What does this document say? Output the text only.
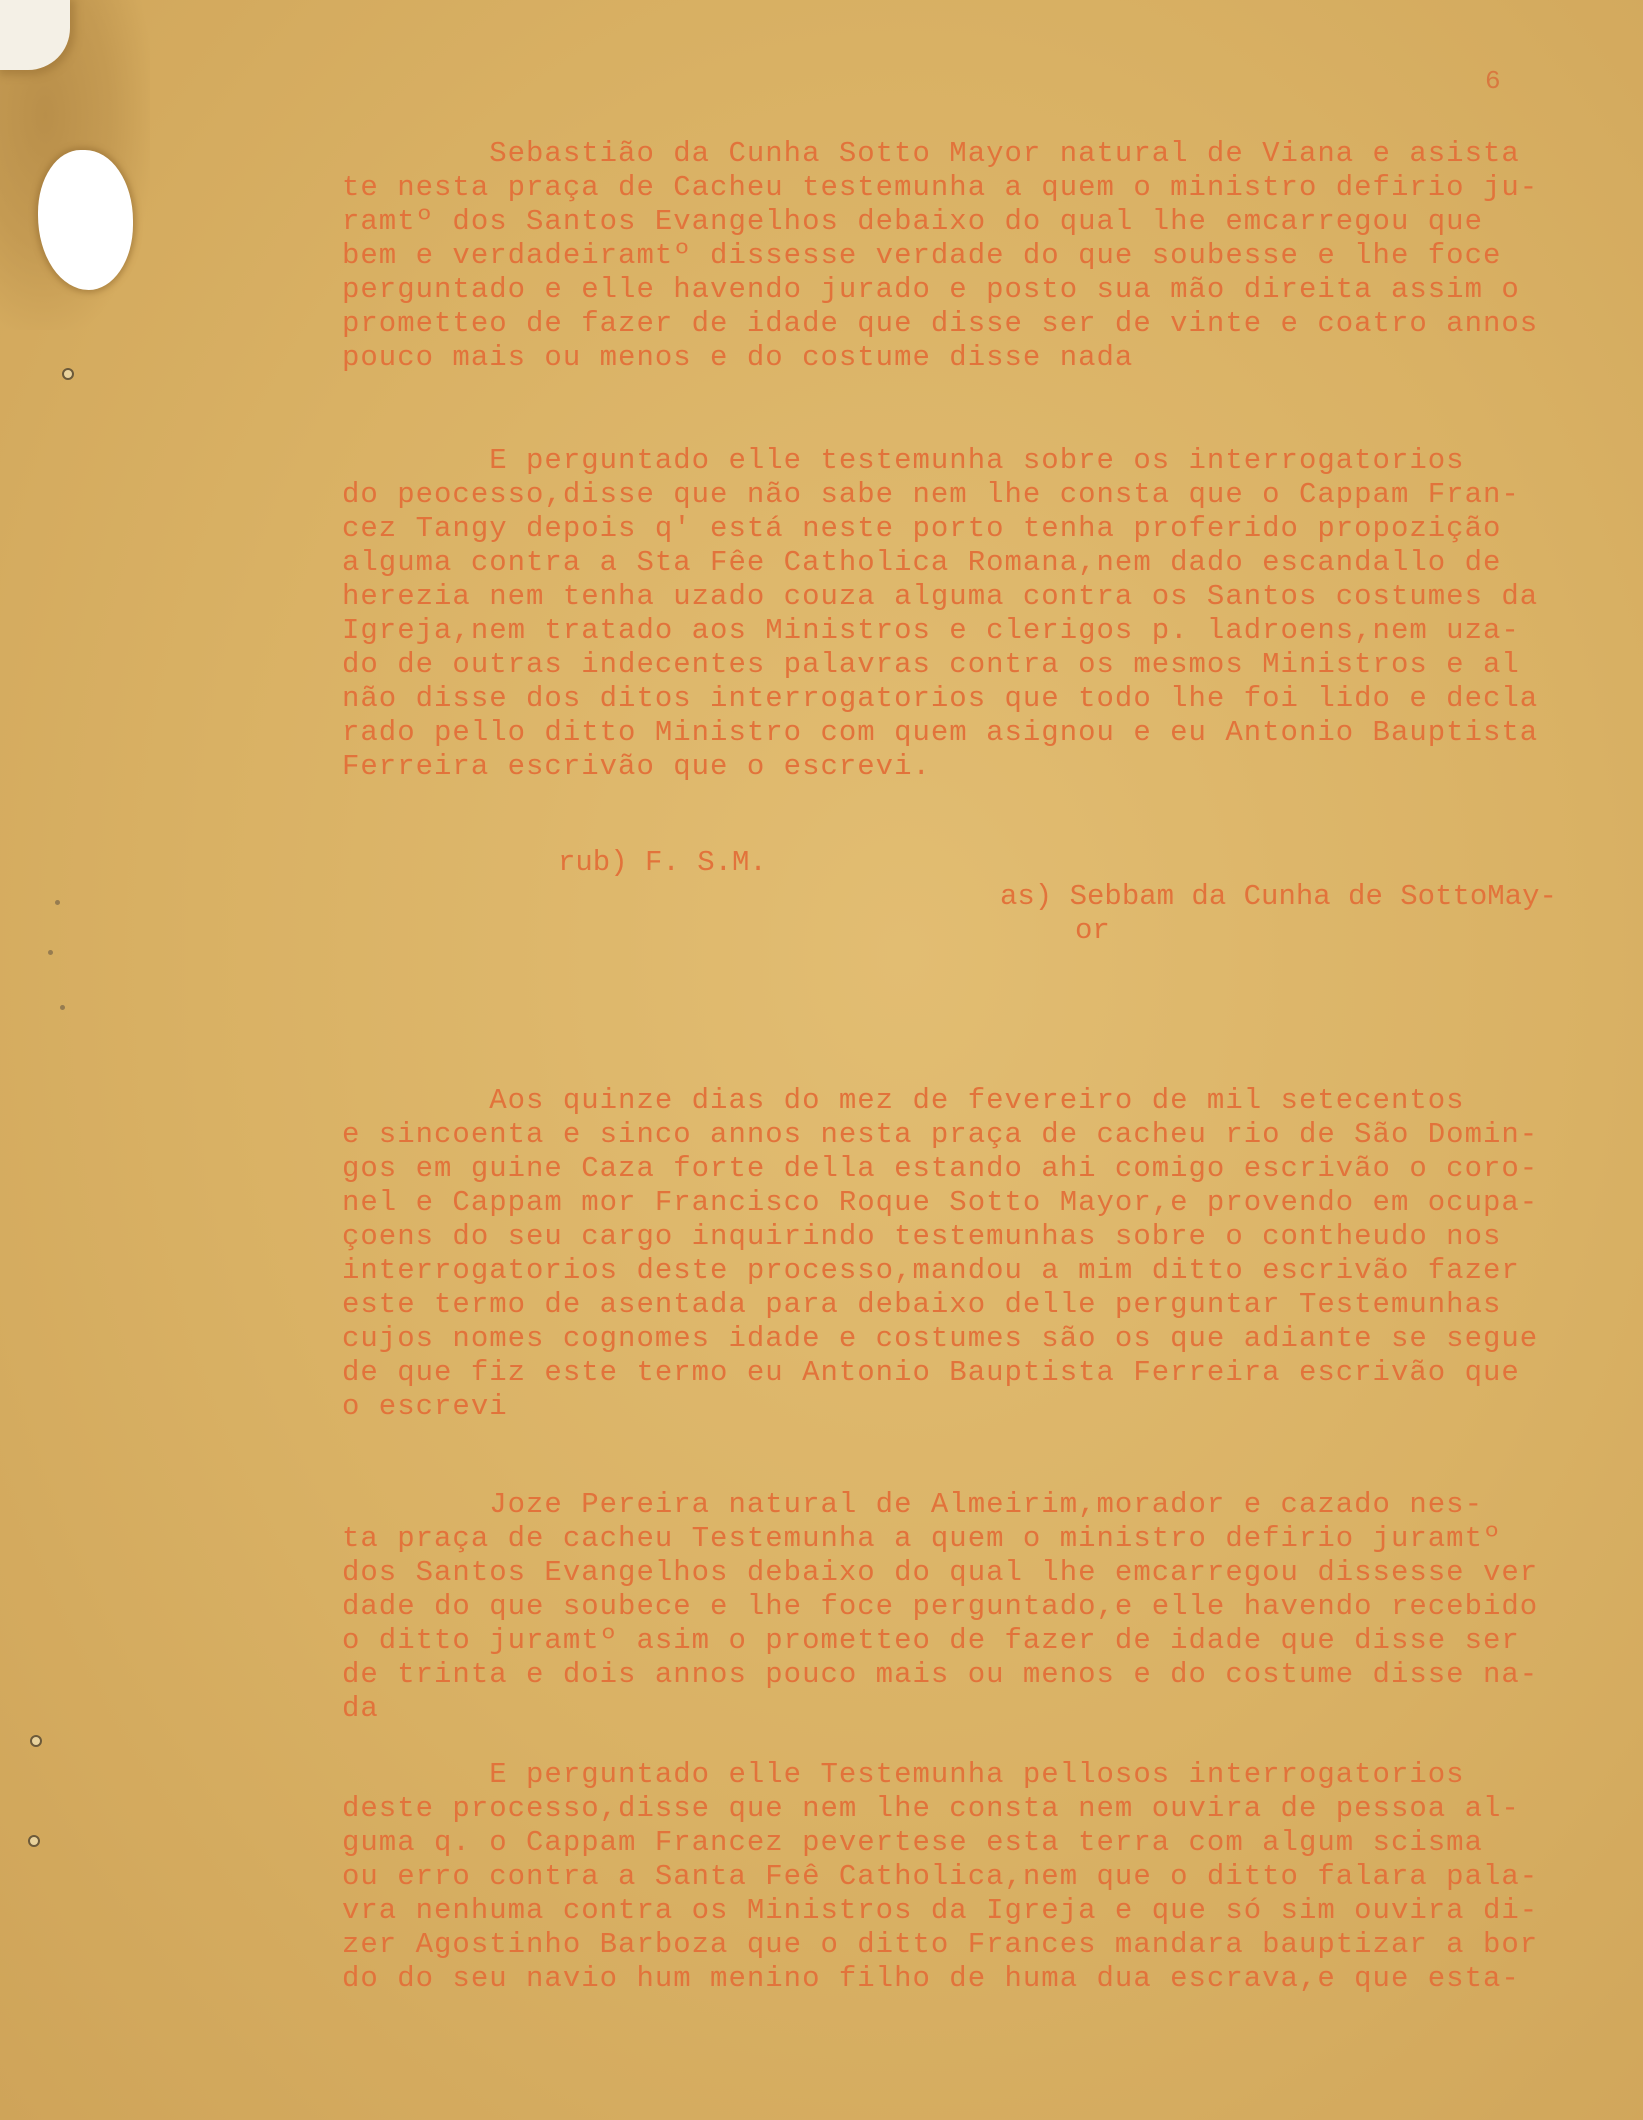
6
Sebastião da Cunha Sotto Mayor natural de Viana e asista
te nesta praça de Cacheu testemunha a quem o ministro defirio ju-
ramtº dos Santos Evangelhos debaixo do qual lhe emcarregou que
bem e verdadeiramtº dissesse verdade do que soubesse e lhe foce
perguntado e elle havendo jurado e posto sua mão direita assim o
prometteo de fazer de idade que disse ser de vinte e coatro annos
pouco mais ou menos e do costume disse nada
E perguntado elle testemunha sobre os interrogatorios
do peocesso,disse que não sabe nem lhe consta que o Cappam Fran-
cez Tangy depois q' está neste porto tenha proferido propozição
alguma contra a Sta Fêe Catholica Romana,nem dado escandallo de
herezia nem tenha uzado couza alguma contra os Santos costumes da
Igreja,nem tratado aos Ministros e clerigos p. ladroens,nem uza-
do de outras indecentes palavras contra os mesmos Ministros e al
não disse dos ditos interrogatorios que todo lhe foi lido e decla
rado pello ditto Ministro com quem asignou e eu Antonio Bauptista
Ferreira escrivão que o escrevi.
rub) F. S.M.
as) Sebbam da Cunha de SottoMay-
or
Aos quinze dias do mez de fevereiro de mil setecentos
e sincoenta e sinco annos nesta praça de cacheu rio de São Domin-
gos em guine Caza forte della estando ahi comigo escrivão o coro-
nel e Cappam mor Francisco Roque Sotto Mayor,e provendo em ocupa-
çoens do seu cargo inquirindo testemunhas sobre o contheudo nos
interrogatorios deste processo,mandou a mim ditto escrivão fazer
este termo de asentada para debaixo delle perguntar Testemunhas
cujos nomes cognomes idade e costumes são os que adiante se segue
de que fiz este termo eu Antonio Bauptista Ferreira escrivão que
o escrevi
Joze Pereira natural de Almeirim,morador e cazado nes-
ta praça de cacheu Testemunha a quem o ministro defirio juramtº
dos Santos Evangelhos debaixo do qual lhe emcarregou dissesse ver
dade do que soubece e lhe foce perguntado,e elle havendo recebido
o ditto juramtº asim o prometteo de fazer de idade que disse ser
de trinta e dois annos pouco mais ou menos e do costume disse na-
da
E perguntado elle Testemunha pellosos interrogatorios
deste processo,disse que nem lhe consta nem ouvira de pessoa al-
guma q. o Cappam Francez pevertese esta terra com algum scisma
ou erro contra a Santa Feê Catholica,nem que o ditto falara pala-
vra nenhuma contra os Ministros da Igreja e que só sim ouvira di-
zer Agostinho Barboza que o ditto Frances mandara bauptizar a bor
do do seu navio hum menino filho de huma dua escrava,e que esta-
